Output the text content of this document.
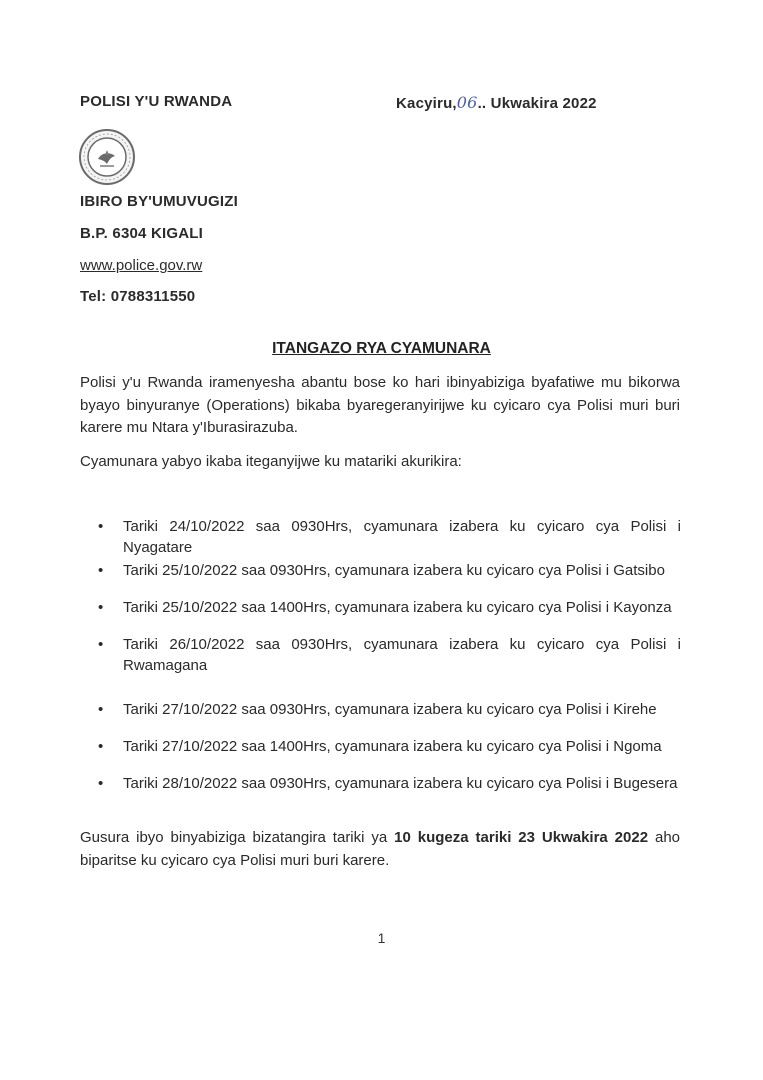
POLISI Y'U RWANDA	Kacyiru,06.. Ukwakira 2022
IBIRO BY'UMUVUGIZI
B.P. 6304 KIGALI
www.police.gov.rw
Tel: 0788311550
ITANGAZO RYA CYAMUNARA
Polisi y'u Rwanda iramenyesha abantu bose ko hari ibinyabiziga byafatiwe mu bikorwa byayo binyuranye (Operations) bikaba byaregeranyirijwe ku cyicaro cya Polisi muri buri karere mu Ntara y'Iburasirazuba.
Cyamunara yabyo ikaba iteganyijwe ku matariki akurikira:
•	Tariki 24/10/2022 saa 0930Hrs, cyamunara izabera ku cyicaro cya Polisi i Nyagatare
•	Tariki 25/10/2022 saa 0930Hrs, cyamunara izabera ku cyicaro cya Polisi i Gatsibo
•	Tariki 25/10/2022 saa 1400Hrs, cyamunara izabera ku cyicaro cya Polisi i Kayonza
•	Tariki 26/10/2022 saa 0930Hrs, cyamunara izabera ku cyicaro cya Polisi i Rwamagana
•	Tariki 27/10/2022 saa 0930Hrs, cyamunara izabera ku cyicaro cya Polisi i Kirehe
•	Tariki 27/10/2022 saa 1400Hrs, cyamunara izabera ku cyicaro cya Polisi i Ngoma
•	Tariki 28/10/2022 saa 0930Hrs, cyamunara izabera ku cyicaro cya Polisi i Bugesera
Gusura ibyo binyabiziga bizatangira tariki ya 10 kugeza tariki 23 Ukwakira 2022 aho biparitse ku cyicaro cya Polisi muri buri karere.
1
